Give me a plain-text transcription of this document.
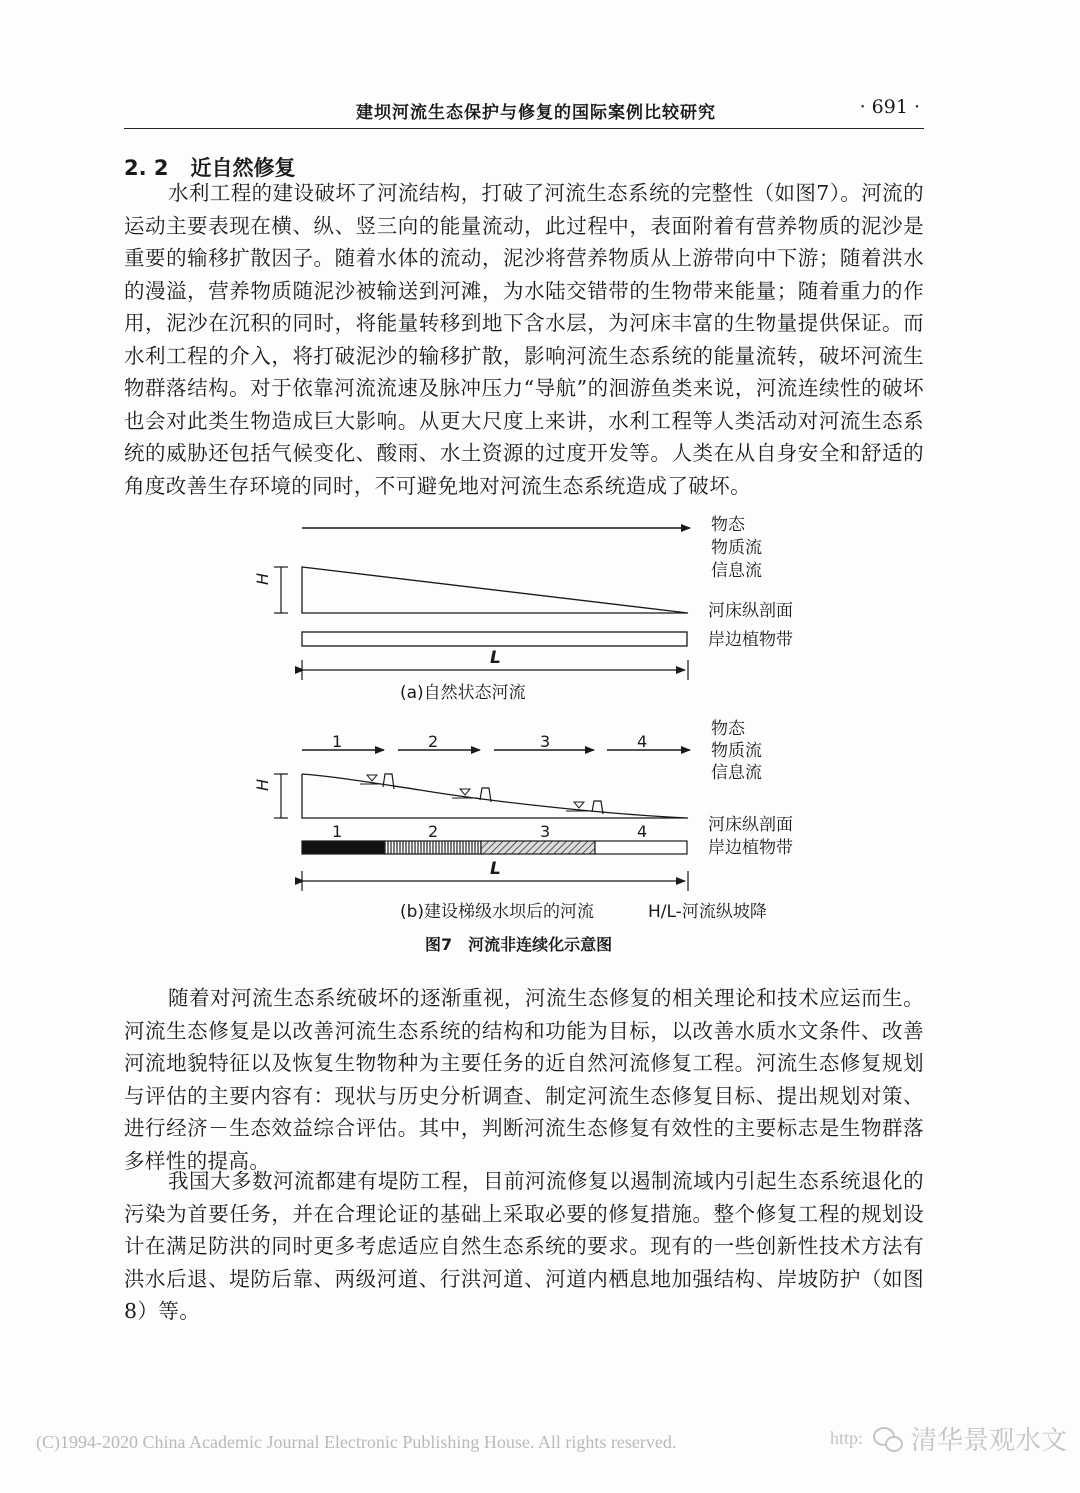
建坝河流生态保护与修复的国际案例比较研究	· 691 ·
2. 2 近自然修复

水利工程的建设破坏了河流结构，打破了河流生态系统的完整性（如图7）。河流的运动主要表现在横、纵、竖三向的能量流动，此过程中，表面附着有营养物质的泥沙是重要的输移扩散因子。随着水体的流动，泥沙将营养物质从上游带向中下游；随着洪水的漫溢，营养物质随泥沙被输送到河滩，为水陆交错带的生物带来能量；随着重力的作用，泥沙在沉积的同时，将能量转移到地下含水层，为河床丰富的生物量提供保证。而水利工程的介入，将打破泥沙的输移扩散，影响河流生态系统的能量流转，破坏河流生物群落结构。对于依靠河流流速及脉冲压力“导航”的洄游鱼类来说，河流连续性的破坏也会对此类生物造成巨大影响。从更大尺度上来讲，水利工程等人类活动对河流生态系统的威胁还包括气候变化、酸雨、水土资源的过度开发等。人类在从自身安全和舒适的角度改善生存环境的同时，不可避免地对河流生态系统造成了破坏。

物态
物质流
信息流
河床纵剖面
H
岸边植物带
L
(a)自然状态河流
物态
物质流
信息流
1	2	3	4
河床纵剖面
H
1	2	3	4
岸边植物带
L
(b)建设梯级水坝后的河流	H/L-河流纵坡降
图7　河流非连续化示意图

随着对河流生态系统破坏的逐渐重视，河流生态修复的相关理论和技术应运而生。河流生态修复是以改善河流生态系统的结构和功能为目标，以改善水质水文条件、改善河流地貌特征以及恢复生物物种为主要任务的近自然河流修复工程。河流生态修复规划与评估的主要内容有：现状与历史分析调查、制定河流生态修复目标、提出规划对策、进行经济－生态效益综合评估。其中，判断河流生态修复有效性的主要标志是生物群落多样性的提高。

我国大多数河流都建有堤防工程，目前河流修复以遏制流域内引起生态系统退化的污染为首要任务，并在合理论证的基础上采取必要的修复措施。整个修复工程的规划设计在满足防洪的同时更多考虑适应自然生态系统的要求。现有的一些创新性技术方法有洪水后退、堤防后靠、两级河道、行洪河道、河道内栖息地加强结构、岸坡防护（如图8）等。

(C)1994-2020 China Academic Journal Electronic Publishing House. All rights reserved.	http: 清华景观水文
